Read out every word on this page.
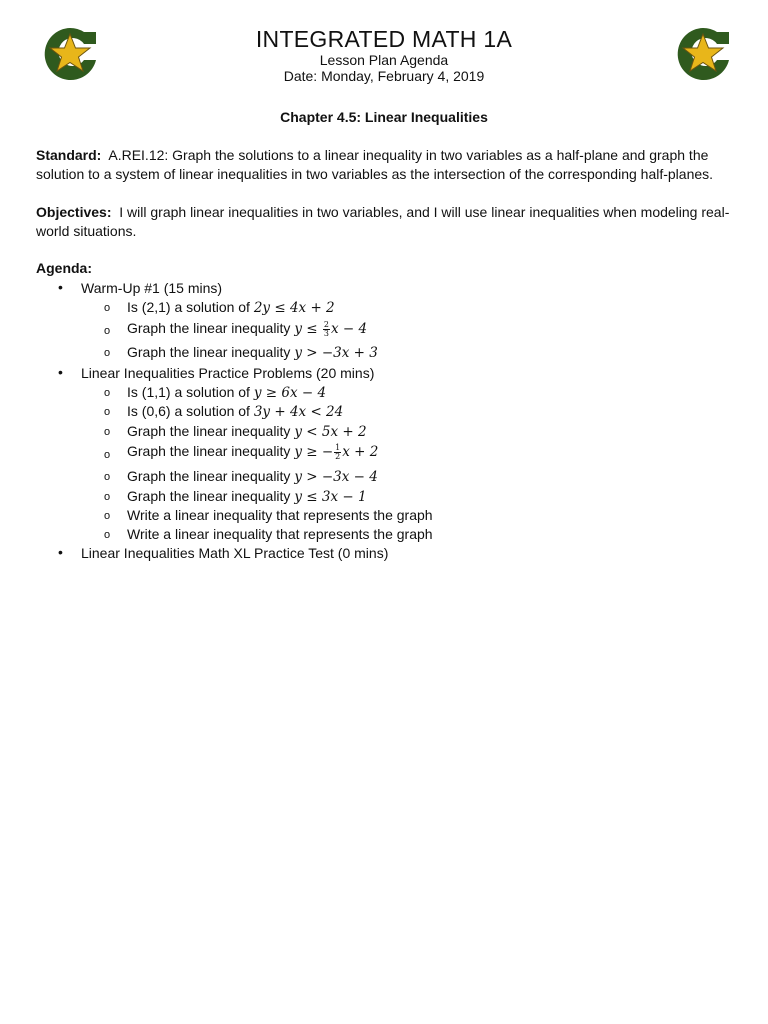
INTEGRATED MATH 1A
Lesson Plan Agenda
Date: Monday, February 4, 2019
Chapter 4.5: Linear Inequalities
Standard: A.REI.12: Graph the solutions to a linear inequality in two variables as a half-plane and graph the solution to a system of linear inequalities in two variables as the intersection of the corresponding half-planes.
Objectives: I will graph linear inequalities in two variables, and I will use linear inequalities when modeling real-world situations.
Agenda:
• Warm-Up #1 (15 mins)
o Is (2,1) a solution of 2y ≤ 4x + 2
o Graph the linear inequality $y \le \frac{2}{3}$ x − 4
o Graph the linear inequality y > −3x + 3
• Linear Inequalities Practice Problems (20 mins)
o Is (1,1) a solution of y ≥ 6x − 4
o Is (0,6) a solution of 3y + 4x < 24
o Graph the linear inequality y < 5x + 2
o Graph the linear inequality y ≥ − $\frac{1}{2}$ x + 2
o Graph the linear inequality y > −3x − 4
o Graph the linear inequality y ≤ 3x − 1
o Write a linear inequality that represents the graph
o Write a linear inequality that represents the graph
• Linear Inequalities Math XL Practice Test (0 mins)
